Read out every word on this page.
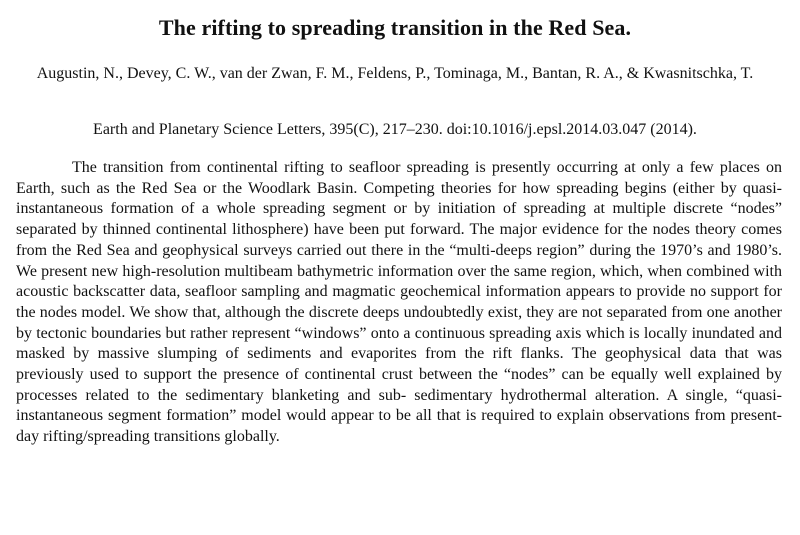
The rifting to spreading transition in the Red Sea.
Augustin, N., Devey, C. W., van der Zwan, F. M., Feldens, P., Tominaga, M., Bantan, R. A., & Kwasnitschka, T.
Earth and Planetary Science Letters, 395(C), 217–230. doi:10.1016/j.epsl.2014.03.047 (2014).

The transition from continental rifting to seafloor spreading is presently occurring at only a few places on Earth, such as the Red Sea or the Woodlark Basin. Competing theories for how spreading begins (either by quasi-instantaneous formation of a whole spreading segment or by initiation of spreading at multiple discrete “nodes” separated by thinned continental lithosphere) have been put forward. The major evidence for the nodes theory comes from the Red Sea and geophysical surveys carried out there in the “multi-deeps region” during the 1970’s and 1980’s. We present new high-resolution multibeam bathymetric information over the same region, which, when combined with acoustic backscatter data, seafloor sampling and magmatic geochemical information appears to provide no support for the nodes model. We show that, although the discrete deeps undoubtedly exist, they are not separated from one another by tectonic boundaries but rather represent “windows” onto a continuous spreading axis which is locally inundated and masked by massive slumping of sediments and evaporites from the rift flanks. The geophysical data that was previously used to support the presence of continental crust between the “nodes” can be equally well explained by processes related to the sedimentary blanketing and sub- sedimentary hydrothermal alteration. A single, “quasi-instantaneous segment formation” model would appear to be all that is required to explain observations from present-day rifting/spreading transitions globally.
